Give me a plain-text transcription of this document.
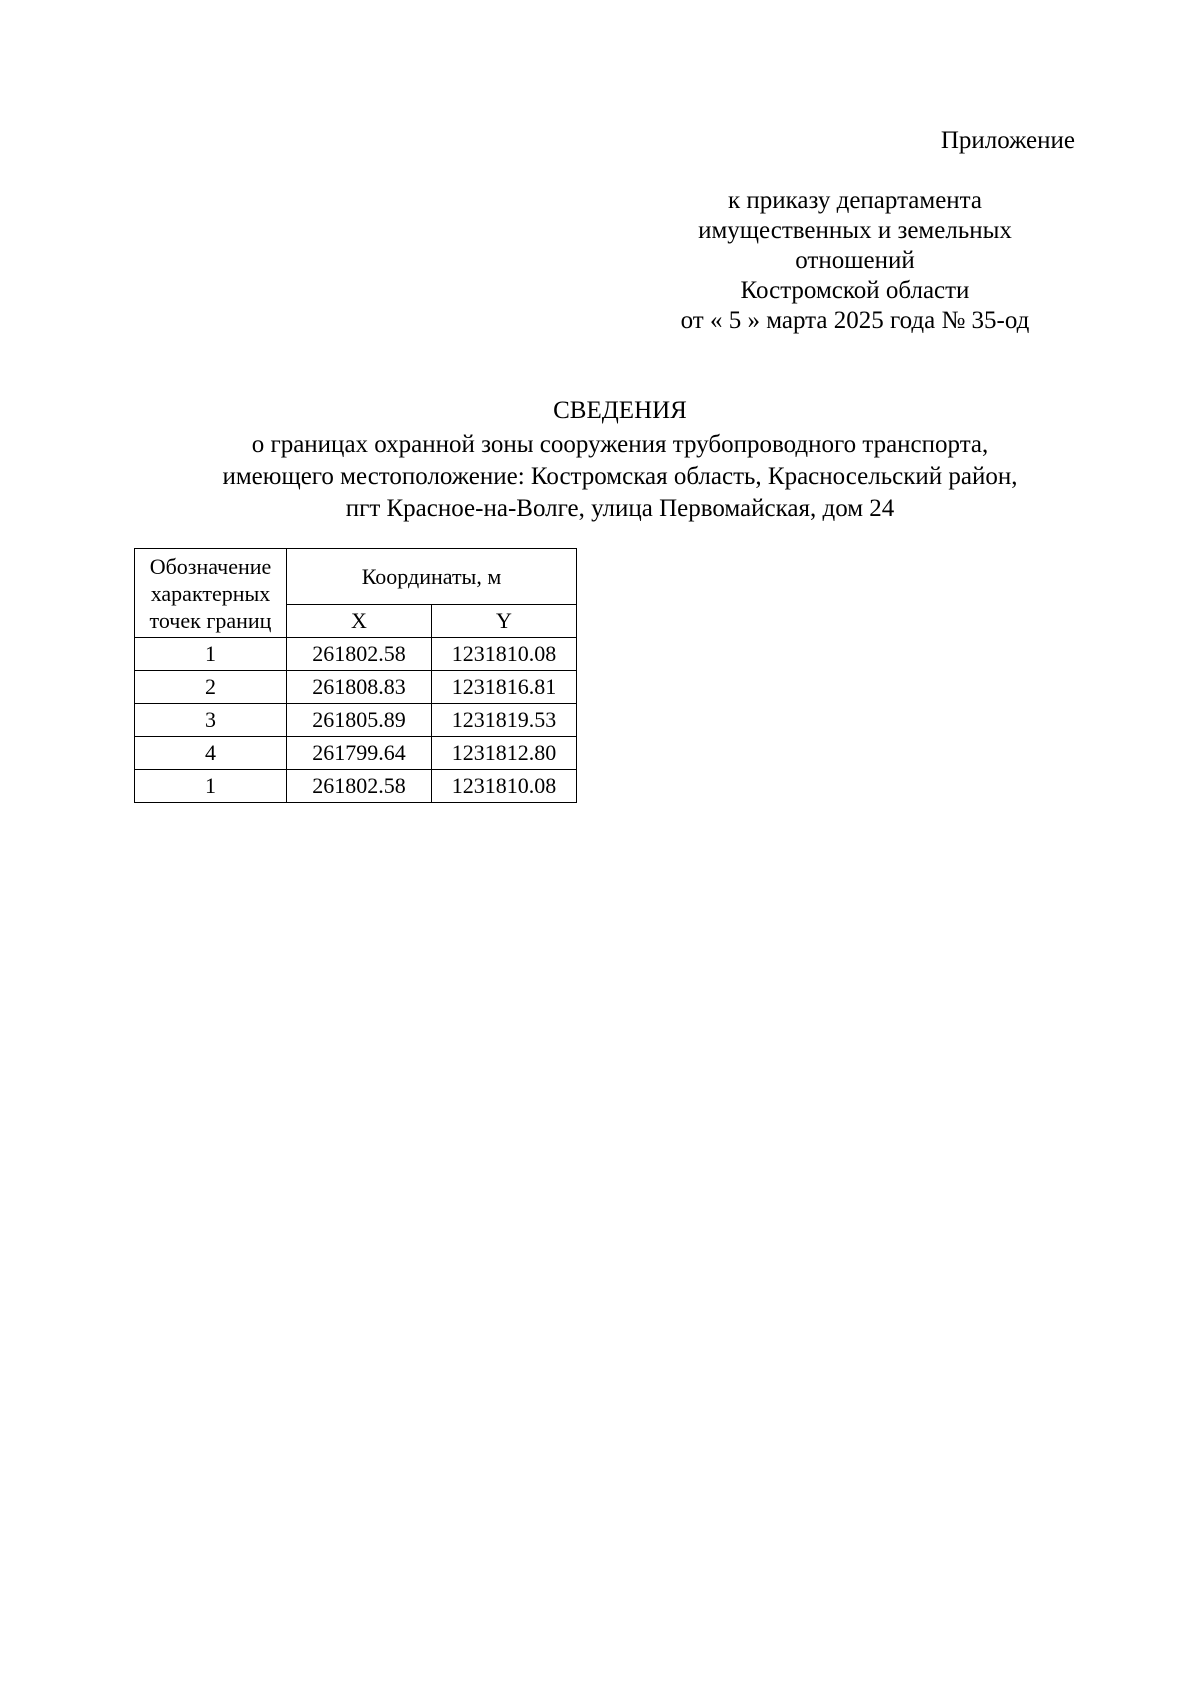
Приложение
к приказу департамента
имущественных и земельных
отношений
Костромской области
от « 5 » марта 2025 года № 35-од
СВЕДЕНИЯ
о границах охранной зоны сооружения трубопроводного транспорта,
имеющего местоположение: Костромская область, Красносельский район,
пгт Красное-на-Волге, улица Первомайская, дом 24
Обозначение характерных точек границ	Координаты, м	
	X	Y
1	261802.58	1231810.08
2	261808.83	1231816.81
3	261805.89	1231819.53
4	261799.64	1231812.80
1	261802.58	1231810.08
